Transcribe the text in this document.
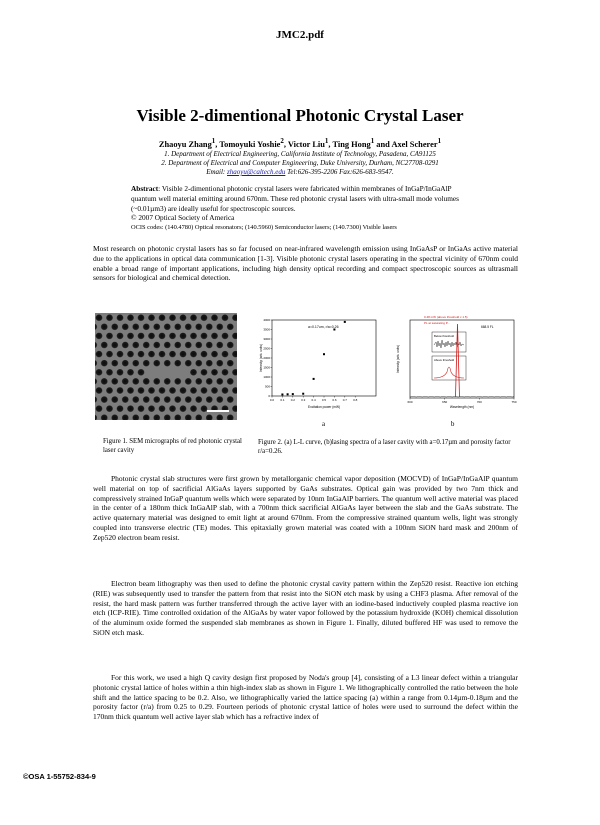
JMC2.pdf
Visible 2-dimentional Photonic Crystal Laser
Zhaoyu Zhang$^1$, Tomoyuki Yoshie$^2$, Victor Liu$^1$, Ting Hong$^1$ and Axel Scherer$^1$
1. Department of Electrical Engineering, California Institute of Technology, Pasadena, CA91125
2. Department of Electrical and Computer Engineering, Duke University, Durham, NC27708-0291
Email: zhaoyu@caltech.edu Tel:626-395-2206 Fax:626-683-9547.
Abstract: Visible 2-dimentional photonic crystal lasers were fabricated within membranes of InGaP/InGaAlP quantum well material emitting around 670nm. These red photonic crystal lasers with ultra-small mode volumes (~0.01µm3) are ideally useful for spectroscopic sources.
© 2007 Optical Society of America
OCIS codes: (140.4780) Optical resonators; (140.5960) Semiconductor lasers; (140.7300) Visible lasers
Most research on photonic crystal lasers has so far focused on near-infrared wavelength emission using InGaAsP or InGaAs active material due to the applications in optical data communication [1-3]. Visible photonic crystal lasers operating in the spectral vicinity of 670nm could enable a broad range of important applications, including high density optical recording and compact spectroscopic sources as ultrasmall sensors for biological and chemical detection.
Figure 1. SEM micrographs of red photonic crystal laser cavity
a=0.17um, r/a=0.26
Excitation power (mW)
Intensity (arb. units)
0.0 0.1 0.2 0.3 0.4 0.5 0.6 0.7 0.8
0
500
1000
1500
2000
2500
3000
3500
4000
a
0.48 mW (above threshold x 1.5)
PL at saturating P...
668.5 FL
Below threshold
Above threshold
600	650	700	750
Wavelength (nm)
Intensity (arb. units)
b
Figure 2. (a) L-L curve, (b)lasing spectra of a laser cavity with a=0.17µm and porosity factor r/a=0.26.
Photonic crystal slab structures were first grown by metallorganic chemical vapor deposition (MOCVD) of InGaP/InGaAlP quantum well material on top of sacrificial AlGaAs layers supported by GaAs substrates. Optical gain was provided by two 7nm thick and compressively strained InGaP quantum wells which were separated by 10nm InGaAlP barriers. The quantum well active material was placed in the center of a 180nm thick InGaAlP slab, with a 700nm thick sacrificial AlGaAs layer between the slab and the GaAs substrate. The active quaternary material was designed to emit light at around 670nm. From the compressive strained quantum wells, light was strongly coupled into transverse electric (TE) modes. This epitaxially grown material was coated with a 100nm SiON hard mask and 200nm of Zep520 electron beam resist.
Electron beam lithography was then used to define the photonic crystal cavity pattern within the Zep520 resist. Reactive ion etching (RIE) was subsequently used to transfer the pattern from that resist into the SiON etch mask by using a CHF3 plasma. After removal of the resist, the hard mask pattern was further transferred through the active layer with an iodine-based inductively coupled plasma reactive ion etch (ICP-RIE). Time controlled oxidation of the AlGaAs by water vapor followed by the potassium hydroxide (KOH) chemical dissolution of the aluminum oxide formed the suspended slab membranes as shown in Figure 1. Finally, diluted buffered HF was used to remove the SiON etch mask.
For this work, we used a high Q cavity design first proposed by Noda's group [4], consisting of a L3 linear defect within a triangular photonic crystal lattice of holes within a thin high-index slab as shown in Figure 1. We lithographically controlled the ratio between the hole shift and the lattice spacing to be 0.2. Also, we lithographically varied the lattice spacing (a) within a range from 0.14µm-0.18µm and the porosity factor (r/a) from 0.25 to 0.29. Fourteen periods of photonic crystal lattice of holes were used to surround the defect within the 170nm thick quantum well active layer slab which has a refractive index of
©OSA 1-55752-834-9
